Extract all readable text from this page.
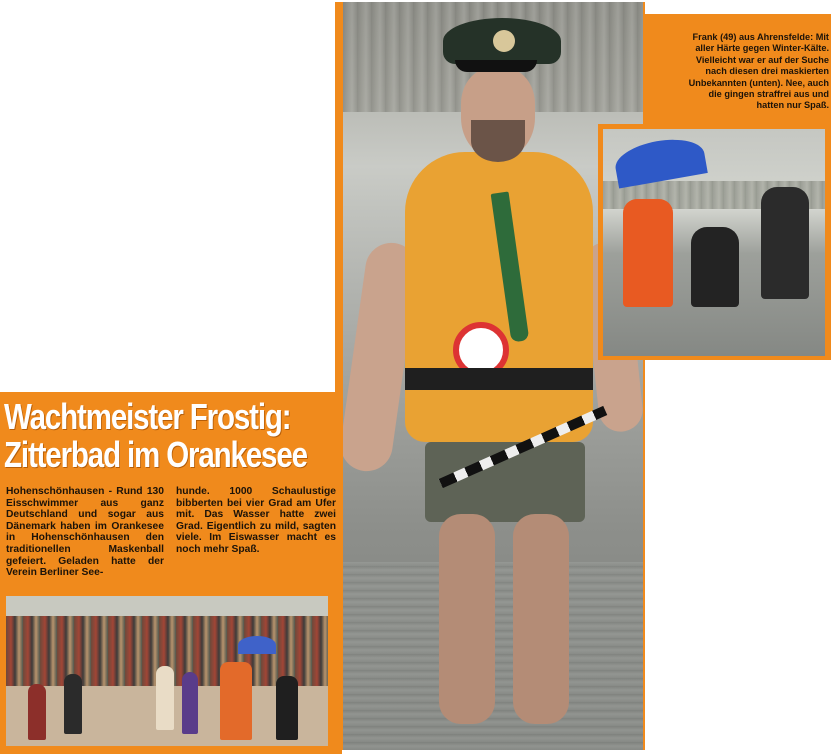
Frank (49) aus Ahrensfelde: Mit aller Härte gegen Winter-Kälte. Vielleicht war er auf der Suche nach diesen drei maskierten Unbekannten (unten). Nee, auch die gingen straffrei aus und hatten nur Spaß.
Wachtmeister Frostig:
Zitterbad im Orankesee
Hohenschönhausen - Rund 130 Eisschwimmer aus ganz Deutschland und sogar aus Dänemark haben im Orankesee in Hohenschönhausen den traditionellen Maskenball gefeiert. Geladen hatte der Verein Berliner See-
hunde. 1000 Schaulustige bibberten bei vier Grad am Ufer mit. Das Wasser hatte zwei Grad. Eigentlich zu mild, sagten viele. Im Eiswasser macht es noch mehr Spaß.
